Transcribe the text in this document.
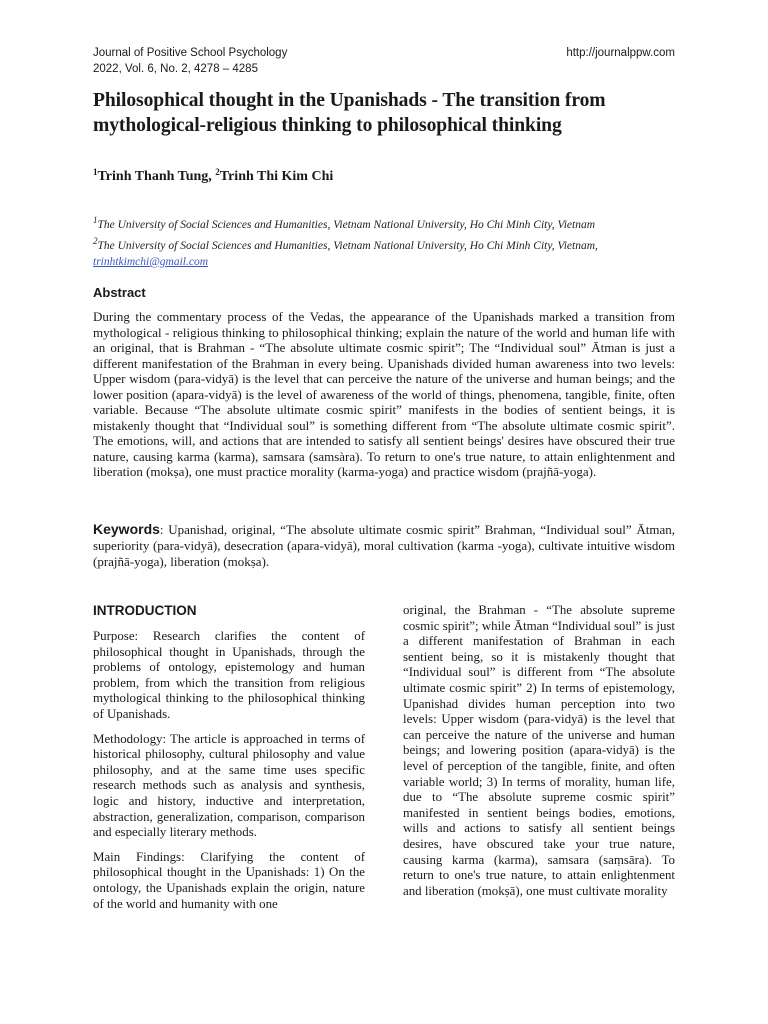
Journal of Positive School Psychology
2022, Vol. 6, No. 2, 4278 – 4285
http://journalppw.com
Philosophical thought in the Upanishads - The transition from mythological-religious thinking to philosophical thinking
$^1$Trinh Thanh Tung, $^2$Trinh Thi Kim Chi
$^1$The University of Social Sciences and Humanities, Vietnam National University, Ho Chi Minh City, Vietnam
$^2$The University of Social Sciences and Humanities, Vietnam National University, Ho Chi Minh City, Vietnam,
trinhtkimchi@gmail.com
Abstract
During the commentary process of the Vedas, the appearance of the Upanishads marked a transition from mythological - religious thinking to philosophical thinking; explain the nature of the world and human life with an original, that is Brahman - “The absolute ultimate cosmic spirit”; The “Individual soul” Ātman is just a different manifestation of the Brahman in every being. Upanishads divided human awareness into two levels: Upper wisdom (para-vidyā) is the level that can perceive the nature of the universe and human beings; and the lower position (apara-vidyā) is the level of awareness of the world of things, phenomena, tangible, finite, often variable. Because “The absolute ultimate cosmic spirit” manifests in the bodies of sentient beings, it is mistakenly thought that “Individual soul” is something different from “The absolute ultimate cosmic spirit”. The emotions, will, and actions that are intended to satisfy all sentient beings' desires have obscured their true nature, causing karma (karma), samsara (samsàra). To return to one's true nature, to attain enlightenment and liberation (mokṣa), one must practice morality (karma-yoga) and practice wisdom (prajñā-yoga).
Keywords: Upanishad, original, “The absolute ultimate cosmic spirit” Brahman, “Individual soul” Ātman, superiority (para-vidyā), desecration (apara-vidyā), moral cultivation (karma -yoga), cultivate intuitive wisdom (prajñā-yoga), liberation (mokṣa).
INTRODUCTION

Purpose: Research clarifies the content of philosophical thought in Upanishads, through the problems of ontology, epistemology and human problem, from which the transition from religious mythological thinking to the philosophical thinking of Upanishads.

Methodology: The article is approached in terms of historical philosophy, cultural philosophy and value philosophy, and at the same time uses specific research methods such as analysis and synthesis, logic and history, inductive and interpretation, abstraction, generalization, comparison, comparison and especially literary methods.

Main Findings: Clarifying the content of philosophical thought in the Upanishads: 1) On the ontology, the Upanishads explain the origin, nature of the world and humanity with one

original, the Brahman - “The absolute supreme cosmic spirit”; while Ātman “Individual soul” is just a different manifestation of Brahman in each sentient being, so it is mistakenly thought that “Individual soul” is different from “The absolute ultimate cosmic spirit” 2) In terms of epistemology, Upanishad divides human perception into two levels: Upper wisdom (para-vidyā) is the level that can perceive the nature of the universe and human beings; and lowering position (apara-vidyā) is the level of perception of the tangible, finite, and often variable world; 3) In terms of morality, human life, due to “The absolute supreme cosmic spirit” manifested in sentient beings bodies, emotions, wills and actions to satisfy all sentient beings desires, have obscured take your true nature, causing karma (karma), samsara (saṃsāra). To return to one's true nature, to attain enlightenment and liberation (mokṣā), one must cultivate morality
